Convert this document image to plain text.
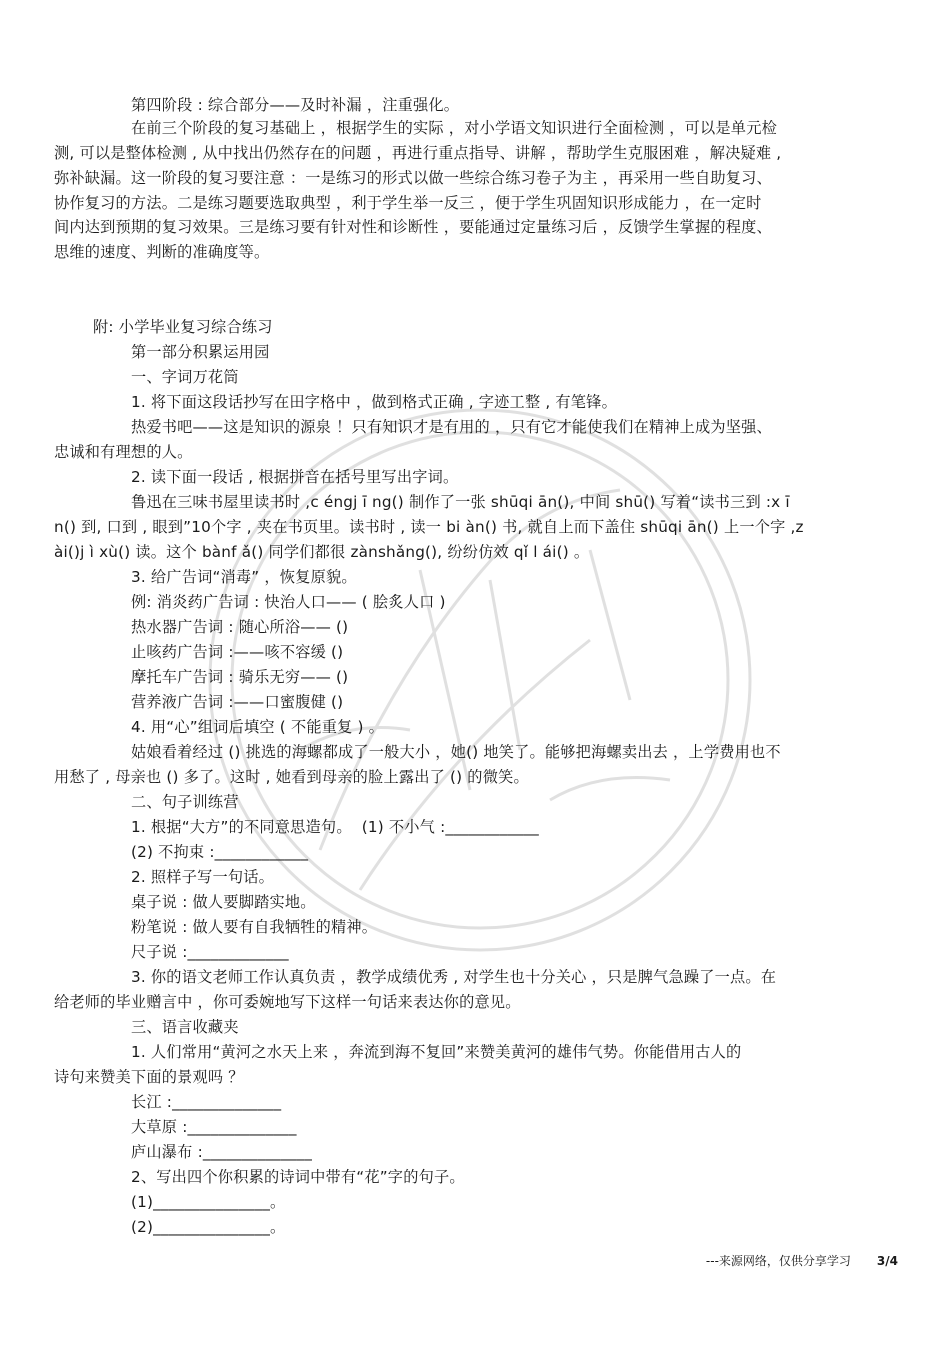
第四阶段 : 综合部分——及时补漏 ，注重强化。
在前三个阶段的复习基础上 ，根据学生的实际 ，对小学语文知识进行全面检测 ，可以是单元检
测, 可以是整体检测 , 从中找出仍然存在的问题 ，再进行重点指导、讲解 ，帮助学生克服困难 ，解决疑难 ,
弥补缺漏。这一阶段的复习要注意 ：一是练习的形式以做一些综合练习卷子为主 ，再采用一些自助复习、
协作复习的方法。二是练习题要选取典型 ，利于学生举一反三 ，便于学生巩固知识形成能力 ，在一定时
间内达到预期的复习效果。三是练习要有针对性和诊断性 ，要能通过定量练习后 ，反馈学生掌握的程度、
思维的速度、判断的准确度等。
附: 小学毕业复习综合练习
第一部分积累运用园
一、字词万花筒
1. 将下面这段话抄写在田字格中 ，做到格式正确 , 字迹工整 , 有笔锋。
热爱书吧——这是知识的源泉 ！只有知识才是有用的 ，只有它才能使我们在精神上成为坚强、
忠诚和有理想的人。
2. 读下面一段话 , 根据拼音在括号里写出字词。
鲁迅在三味书屋里读书时 ,c éngj ī ng() 制作了一张 shūqi ān(), 中间 shū() 写着“读书三到 :x ī
n() 到, 口到 , 眼到”10个字 , 夹在书页里。读书时 , 读一 bi àn() 书, 就自上而下盖住 shūqi ān() 上一个字 ,z
ài()j ì xù() 读。这个 bànf ǎ() 同学们都很 zànshǎng(), 纷纷仿效 qǐ l ái() 。
3. 给广告词“消毒” ，恢复原貌。
例: 消炎药广告词 : 快治人口—— ( 脍炙人口 )
热水器广告词 : 随心所浴—— ()
止咳药广告词 :——咳不容缓 ()
摩托车广告词 : 骑乐无穷—— ()
营养液广告词 :——口蜜腹健 ()
4. 用“心”组词后填空 ( 不能重复 ) 。
姑娘看着经过 () 挑选的海螺都成了一般大小 ，她() 地笑了。能够把海螺卖出去 ，上学费用也不
用愁了 , 母亲也 () 多了。这时 , 她看到母亲的脸上露出了 () 的微笑。
二、句子训练营
1. 根据“大方”的不同意思造句。  (1) 不小气 :____________
(2) 不拘束 :____________
2. 照样子写一句话。
桌子说 : 做人要脚踏实地。
粉笔说 : 做人要有自我牺牲的精神。
尺子说 :_____________
3. 你的语文老师工作认真负责 ，教学成绩优秀 , 对学生也十分关心 ，只是脾气急躁了一点。在
给老师的毕业赠言中 ，你可委婉地写下这样一句话来表达你的意见。
三、语言收藏夹
1. 人们常用“黄河之水天上来 ，奔流到海不复回”来赞美黄河的雄伟气势。你能借用古人的
诗句来赞美下面的景观吗 ？
长江 :______________
大草原 :______________
庐山瀑布 :______________
2、写出四个你积累的诗词中带有“花”字的句子。
(1)_______________。
(2)_______________。
---来源网络，仅供分享学习 3/4
